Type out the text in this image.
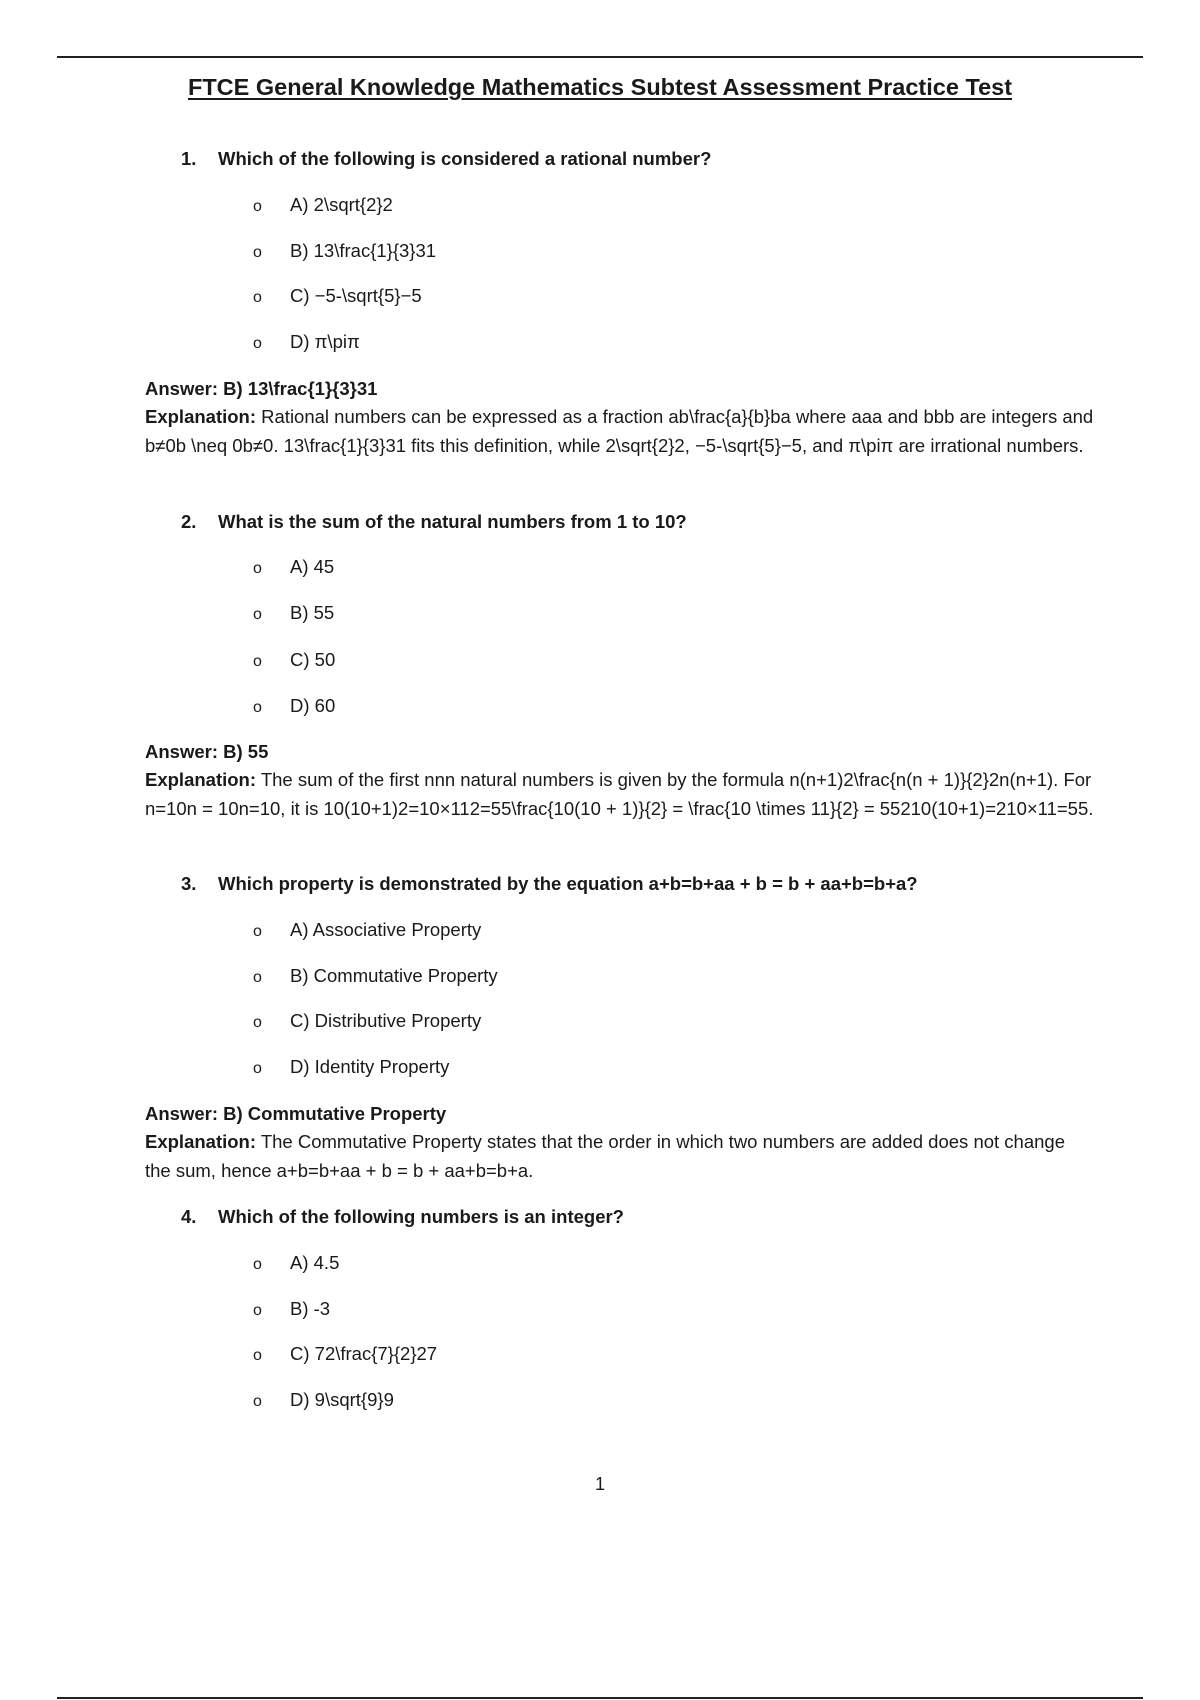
FTCE General Knowledge Mathematics Subtest Assessment Practice Test
1. Which of the following is considered a rational number?
o A) 2\sqrt{2}2
o B) 13\frac{1}{3}31
o C) −5-\sqrt{5}−5
o D) π\piπ
Answer: B) 13\frac{1}{3}31
Explanation: Rational numbers can be expressed as a fraction ab\frac{a}{b}ba where aaa and bbb are integers and b≠0b \neq 0b≠0. 13\frac{1}{3}31 fits this definition, while 2\sqrt{2}2, −5-\sqrt{5}−5, and π\piπ are irrational numbers.
2. What is the sum of the natural numbers from 1 to 10?
o A) 45
o B) 55
o C) 50
o D) 60
Answer: B) 55
Explanation: The sum of the first nnn natural numbers is given by the formula n(n+1)2\frac{n(n + 1)}{2}2n(n+1). For n=10n = 10n=10, it is 10(10+1)2=10×112=55\frac{10(10 + 1)}{2} = \frac{10 \times 11}{2} = 55210(10+1)=210×11=55.
3. Which property is demonstrated by the equation a+b=b+aa + b = b + aa+b=b+a?
o A) Associative Property
o B) Commutative Property
o C) Distributive Property
o D) Identity Property
Answer: B) Commutative Property
Explanation: The Commutative Property states that the order in which two numbers are added does not change the sum, hence a+b=b+aa + b = b + aa+b=b+a.
4. Which of the following numbers is an integer?
o A) 4.5
o B) -3
o C) 72\frac{7}{2}27
o D) 9\sqrt{9}9
1
